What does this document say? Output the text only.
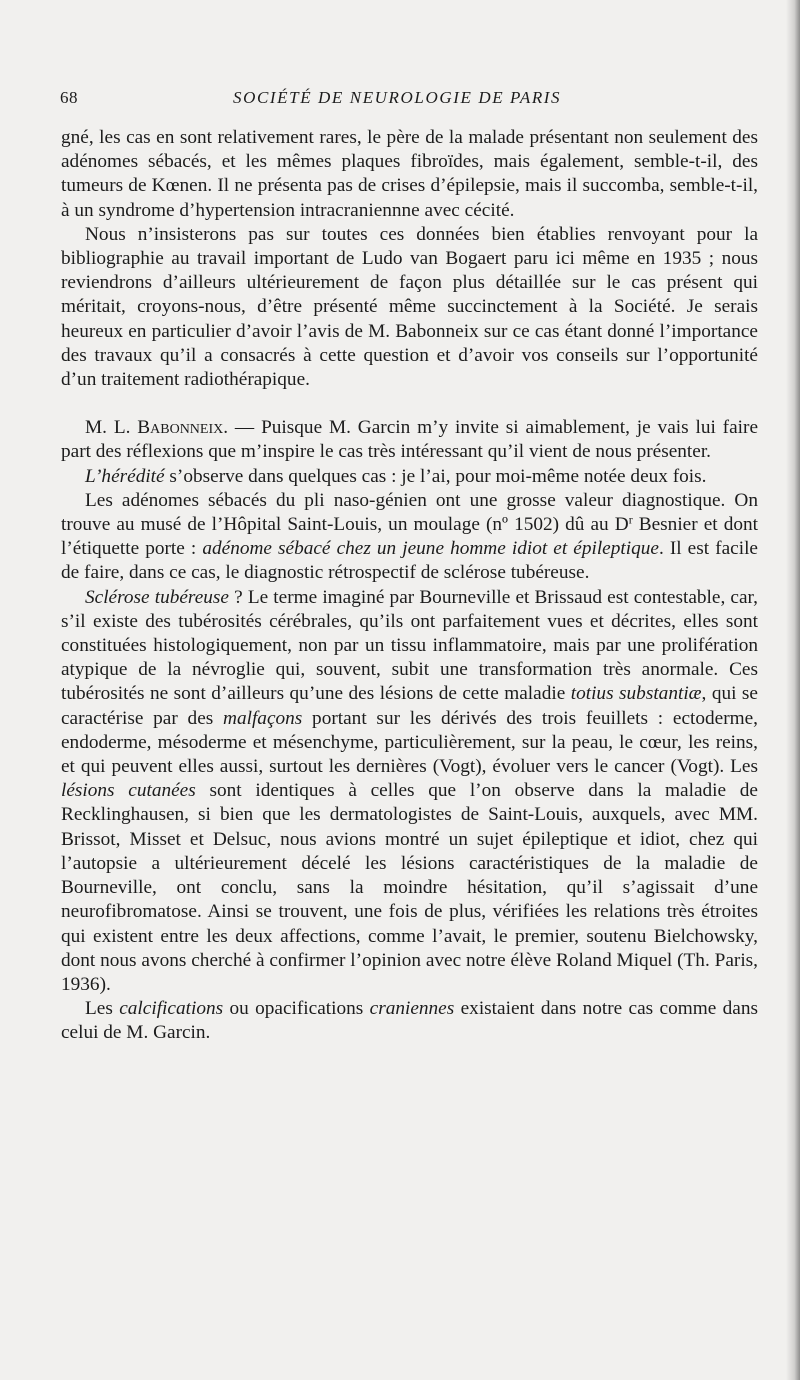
68	SOCIÉTÉ DE NEUROLOGIE DE PARIS

gné, les cas en sont relativement rares, le père de la malade présentant non seulement des adénomes sébacés, et les mêmes plaques fibroïdes, mais également, semble-t-il, des tumeurs de Kœnen. Il ne présenta pas de crises d’épilepsie, mais il succomba, semble-t-il, à un syndrome d’hypertension intracraniennne avec cécité.

Nous n’insisterons pas sur toutes ces données bien établies renvoyant pour la bibliographie au travail important de Ludo van Bogaert paru ici même en 1935 ; nous reviendrons d’ailleurs ultérieurement de façon plus détaillée sur le cas présent qui méritait, croyons-nous, d’être présenté même succinctement à la Société. Je serais heureux en particulier d’avoir l’avis de M. Babonneix sur ce cas étant donné l’importance des travaux qu’il a consacrés à cette question et d’avoir vos conseils sur l’opportunité d’un traitement radiothérapique.

M. L. Babonneix. — Puisque M. Garcin m’y invite si aimablement, je vais lui faire part des réflexions que m’inspire le cas très intéressant qu’il vient de nous présenter.

L’hérédité s’observe dans quelques cas : je l’ai, pour moi-même notée deux fois.

Les adénomes sébacés du pli naso-génien ont une grosse valeur diagnostique. On trouve au musé de l’Hôpital Saint-Louis, un moulage (nº 1502) dû au $D^r$ Besnier et dont l’étiquette porte : adénome sébacé chez un jeune homme idiot et épileptique. Il est facile de faire, dans ce cas, le diagnostic rétrospectif de sclérose tubéreuse.

Sclérose tubéreuse ? Le terme imaginé par Bourneville et Brissaud est contestable, car, s’il existe des tubérosités cérébrales, qu’ils ont parfaitement vues et décrites, elles sont constituées histologiquement, non par un tissu inflammatoire, mais par une prolifération atypique de la névroglie qui, souvent, subit une transformation très anormale. Ces tubérosités ne sont d’ailleurs qu’une des lésions de cette maladie totius substantiæ, qui se caractérise par des malfaçons portant sur les dérivés des trois feuillets : ectoderme, endoderme, mésoderme et mésenchyme, particulièrement, sur la peau, le cœur, les reins, et qui peuvent elles aussi, surtout les dernières (Vogt), évoluer vers le cancer (Vogt). Les lésions cutanées sont identiques à celles que l’on observe dans la maladie de Recklinghausen, si bien que les dermatologistes de Saint-Louis, auxquels, avec MM. Brissot, Misset et Delsuc, nous avions montré un sujet épileptique et idiot, chez qui l’autopsie a ultérieurement décelé les lésions caractéristiques de la maladie de Bourneville, ont conclu, sans la moindre hésitation, qu’il s’agissait d’une neurofibromatose. Ainsi se trouvent, une fois de plus, vérifiées les relations très étroites qui existent entre les deux affections, comme l’avait, le premier, soutenu Bielchowsky, dont nous avons cherché à confirmer l’opinion avec notre élève Roland Miquel (Th. Paris, 1936).

Les calcifications ou opacifications craniennes existaient dans notre cas comme dans celui de M. Garcin.
